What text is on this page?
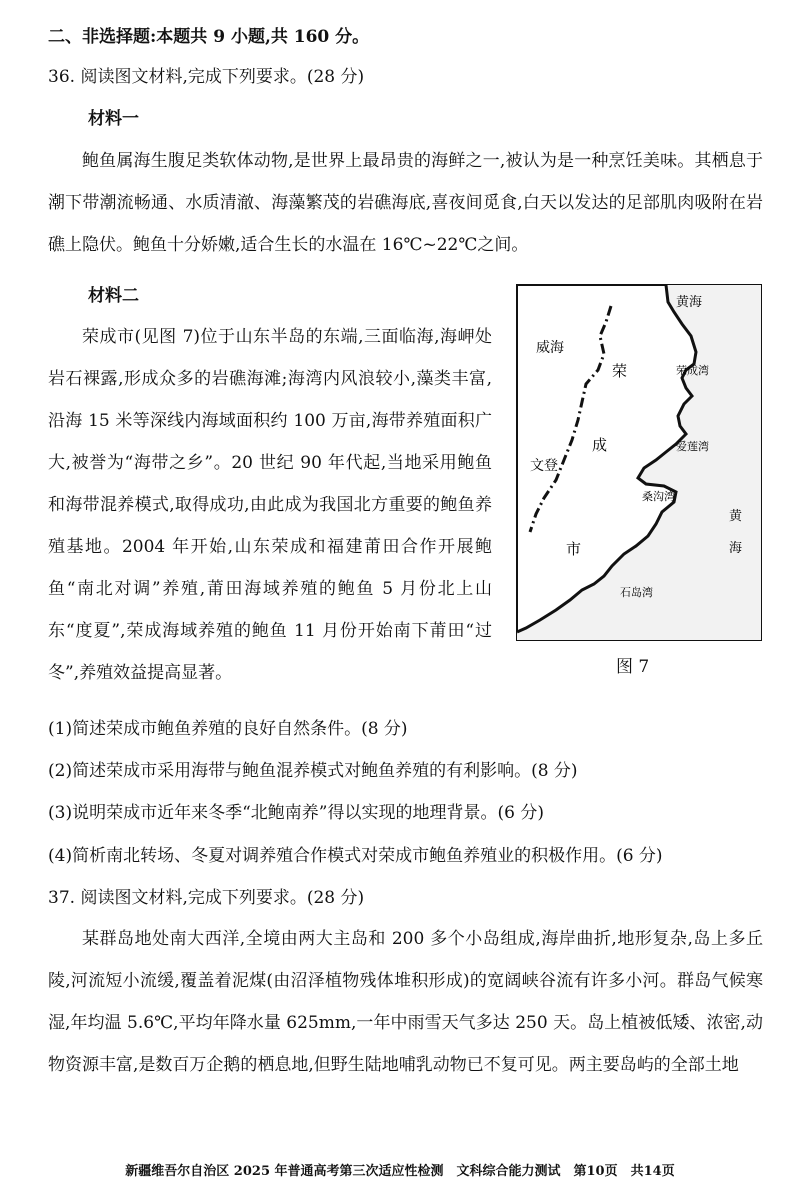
二、非选择题:本题共 9 小题,共 160 分。
36. 阅读图文材料,完成下列要求。(28 分)
材料一
鲍鱼属海生腹足类软体动物,是世界上最昂贵的海鲜之一,被认为是一种烹饪美味。其栖息于潮下带潮流畅通、水质清澈、海藻繁茂的岩礁海底,喜夜间觅食,白天以发达的足部肌肉吸附在岩礁上隐伏。鲍鱼十分娇嫩,适合生长的水温在 16℃~22℃之间。
材料二
荣成市(见图 7)位于山东半岛的东端,三面临海,海岬处岩石裸露,形成众多的岩礁海滩;海湾内风浪较小,藻类丰富,沿海 15 米等深线内海域面积约 100 万亩,海带养殖面积广大,被誉为“海带之乡”。20 世纪 90 年代起,当地采用鲍鱼和海带混养模式,取得成功,由此成为我国北方重要的鲍鱼养殖基地。2004 年开始,山东荣成和福建莆田合作开展鲍鱼“南北对调”养殖,莆田海域养殖的鲍鱼 5 月份北上山东“度夏”,荣成海域养殖的鲍鱼 11 月份开始南下莆田“过冬”,养殖效益提高显著。
黄海
威海
荣	荣成湾
文登
成	爱莲湾
桑沟湾
黄
海
市
石岛湾
图 7
(1)简述荣成市鲍鱼养殖的良好自然条件。(8 分)
(2)简述荣成市采用海带与鲍鱼混养模式对鲍鱼养殖的有利影响。(8 分)
(3)说明荣成市近年来冬季“北鲍南养”得以实现的地理背景。(6 分)
(4)简析南北转场、冬夏对调养殖合作模式对荣成市鲍鱼养殖业的积极作用。(6 分)
37. 阅读图文材料,完成下列要求。(28 分)
某群岛地处南大西洋,全境由两大主岛和 200 多个小岛组成,海岸曲折,地形复杂,岛上多丘陵,河流短小流缓,覆盖着泥煤(由沼泽植物残体堆积形成)的宽阔峡谷流有许多小河。群岛气候寒湿,年均温 5.6℃,平均年降水量 625mm,一年中雨雪天气多达 250 天。岛上植被低矮、浓密,动物资源丰富,是数百万企鹅的栖息地,但野生陆地哺乳动物已不复可见。两主要岛屿的全部土地
新疆维吾尔自治区 2025 年普通高考第三次适应性检测　文科综合能力测试　第10页　共14页
